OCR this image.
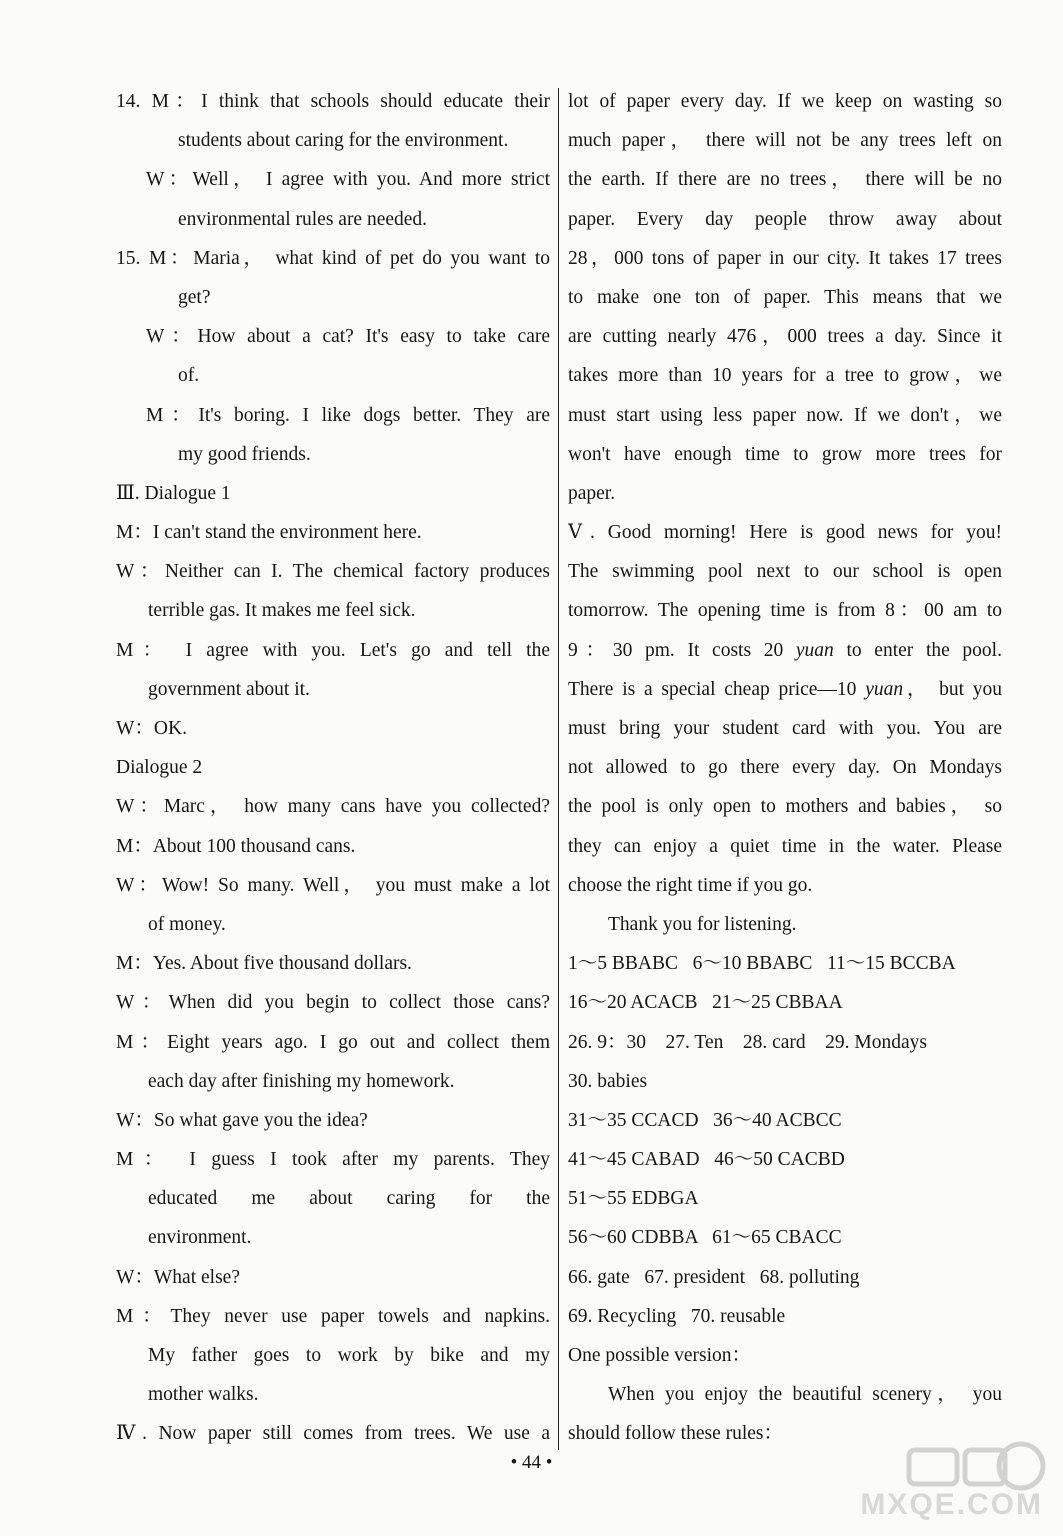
14. M：I think that schools should educate their
students about caring for the environment.
W：Well， I agree with you. And more strict
environmental rules are needed.
15. M：Maria， what kind of pet do you want to
get?
W：How about a cat? It's easy to take care
of.
M：It's boring. I like dogs better. They are
my good friends.
Ⅲ. Dialogue 1
M：I can't stand the environment here.
W：Neither can I. The chemical factory produces
terrible gas. It makes me feel sick.
M： I agree with you. Let's go and tell the
government about it.
W：OK.
Dialogue 2
W：Marc， how many cans have you collected?
M：About 100 thousand cans.
W：Wow! So many. Well， you must make a lot
of money.
M：Yes. About five thousand dollars.
W：When did you begin to collect those cans?
M：Eight years ago. I go out and collect them
each day after finishing my homework.
W：So what gave you the idea?
M： I guess I took after my parents. They
educated me about caring for the
environment.
W：What else?
M：They never use paper towels and napkins.
My father goes to work by bike and my
mother walks.
Ⅳ. Now paper still comes from trees. We use a
lot of paper every day. If we keep on wasting so
much paper， there will not be any trees left on
the earth. If there are no trees， there will be no
paper. Every day people throw away about
28，000 tons of paper in our city. It takes 17 trees
to make one ton of paper. This means that we
are cutting nearly 476，000 trees a day. Since it
takes more than 10 years for a tree to grow，we
must start using less paper now. If we don't，we
won't have enough time to grow more trees for
paper.
Ⅴ. Good morning! Here is good news for you!
The swimming pool next to our school is open
tomorrow. The opening time is from 8：00 am to
9：30 pm. It costs 20 yuan to enter the pool.
There is a special cheap price—10 yuan， but you
must bring your student card with you. You are
not allowed to go there every day. On Mondays
the pool is only open to mothers and babies， so
they can enjoy a quiet time in the water. Please
choose the right time if you go.
Thank you for listening.
1～5 BBABC   6～10 BBABC   11～15 BCCBA
16～20 ACACB   21～25 CBBAA
26. 9：30    27. Ten    28. card    29. Mondays
30. babies
31～35 CCACD   36～40 ACBCC
41～45 CABAD   46～50 CACBD
51～55 EDBGA
56～60 CDBBA   61～65 CBACC
66. gate   67. president   68. polluting
69. Recycling   70. reusable
One possible version：
When you enjoy the beautiful scenery， you
should follow these rules：
• 44 •
MXQE.COM
